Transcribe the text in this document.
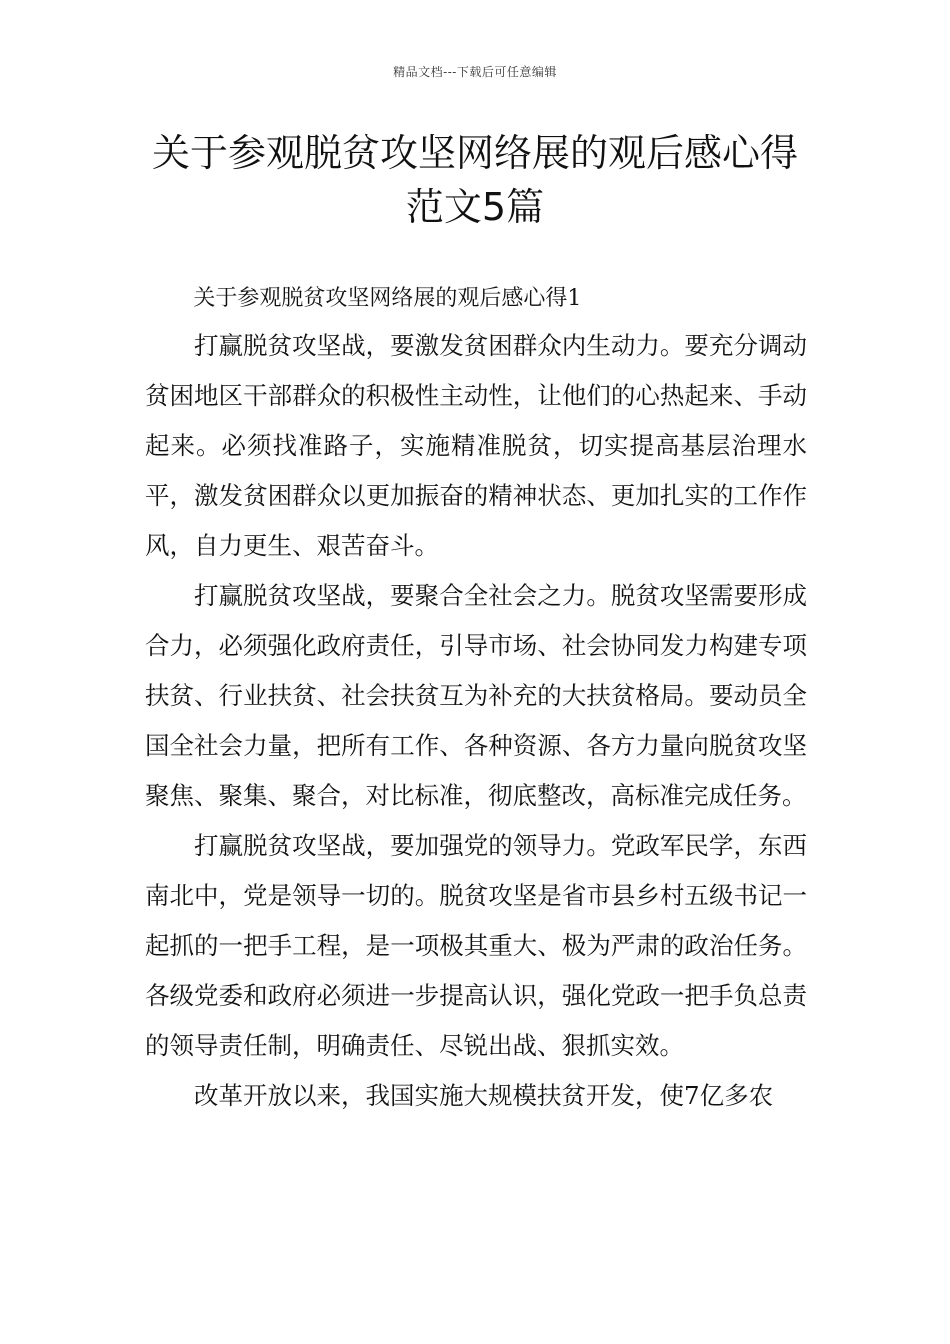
精品文档---下载后可任意编辑
关于参观脱贫攻坚网络展的观后感心得范文5篇

关于参观脱贫攻坚网络展的观后感心得1

打赢脱贫攻坚战，要激发贫困群众内生动力。要充分调动贫困地区干部群众的积极性主动性，让他们的心热起来、手动起来。必须找准路子，实施精准脱贫，切实提高基层治理水平，激发贫困群众以更加振奋的精神状态、更加扎实的工作作风，自力更生、艰苦奋斗。

打赢脱贫攻坚战，要聚合全社会之力。脱贫攻坚需要形成合力，必须强化政府责任，引导市场、社会协同发力构建专项扶贫、行业扶贫、社会扶贫互为补充的大扶贫格局。要动员全国全社会力量，把所有工作、各种资源、各方力量向脱贫攻坚聚焦、聚集、聚合，对比标准，彻底整改，高标准完成任务。

打赢脱贫攻坚战，要加强党的领导力。党政军民学，东西南北中，党是领导一切的。脱贫攻坚是省市县乡村五级书记一起抓的一把手工程，是一项极其重大、极为严肃的政治任务。各级党委和政府必须进一步提高认识，强化党政一把手负总责的领导责任制，明确责任、尽锐出战、狠抓实效。

改革开放以来，我国实施大规模扶贫开发，使7亿多农
